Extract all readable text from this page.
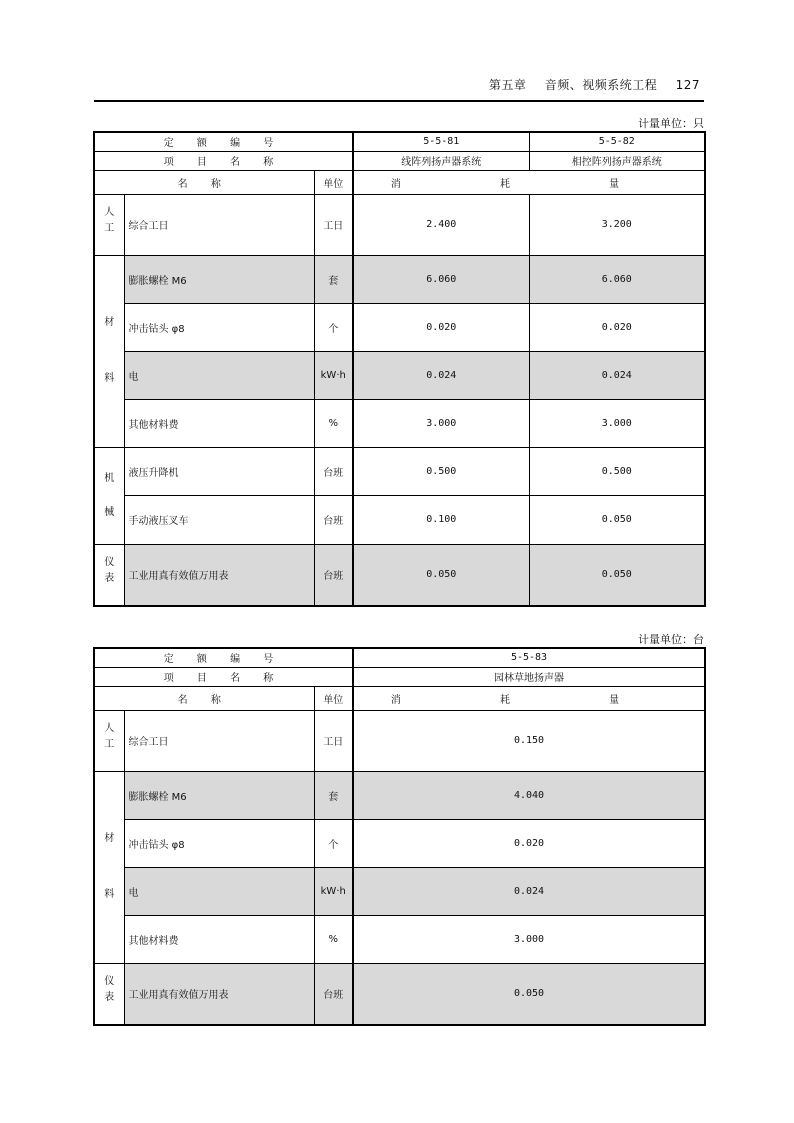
第五章 音频、视频系统工程 127
计量单位：只
定 额 编 号			5-5-81	5-5-82
项 目 名 称			线阵列扬声器系统	相控阵列扬声器系统
名 称		单位	消 耗 量	
人工	综合工日	工日	2.400	3.200
材料	膨胀螺栓 M6	套	6.060	6.060
	冲击钻头 φ8	个	0.020	0.020
	电	kW·h	0.024	0.024
	其他材料费	%	3.000	3.000
机械	液压升降机	台班	0.500	0.500
	手动液压叉车	台班	0.100	0.050
仪表	工业用真有效值万用表	台班	0.050	0.050
计量单位：台
定 额 编 号			5-5-83
项 目 名 称			园林草地扬声器
名 称		单位	消 耗 量
人工	综合工日	工日	0.150
材料	膨胀螺栓 M6	套	4.040
	冲击钻头 φ8	个	0.020
	电	kW·h	0.024
	其他材料费	%	3.000
仪表	工业用真有效值万用表	台班	0.050
